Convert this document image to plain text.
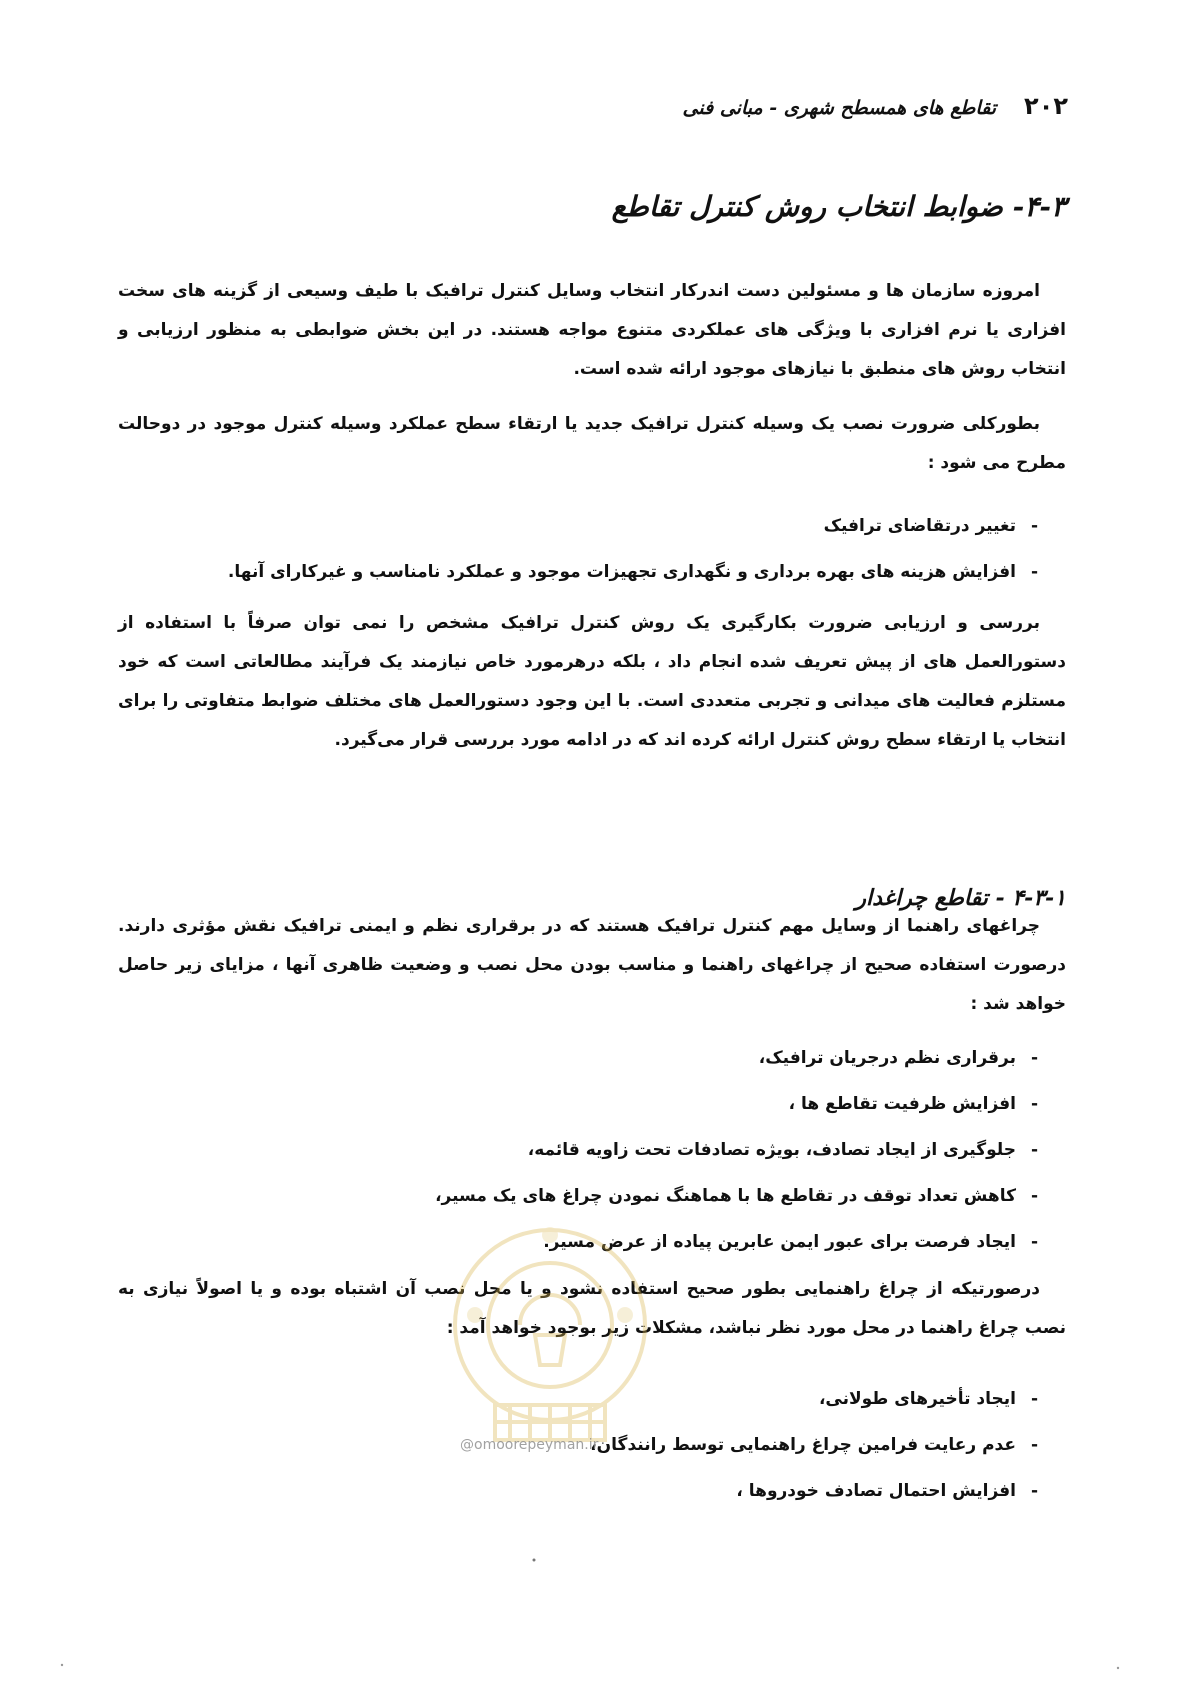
۲۰۲
تقاطع های همسطح شهری - مبانی فنی
۴-۳- ضوابط انتخاب روش کنترل تقاطع

امروزه سازمان ها و مسئولین دست اندرکار انتخاب وسایل کنترل ترافیک با طیف وسیعی از گزینه های سخت افزاری یا نرم افزاری با ویژگی های عملکردی متنوع مواجه هستند. در این بخش ضوابطی به منظور ارزیابی و انتخاب روش های منطبق با نیازهای موجود ارائه شده است.

بطورکلی ضرورت نصب یک وسیله کنترل ترافیک جدید یا ارتقاء سطح عملکرد وسیله کنترل موجود در دوحالت مطرح می شود :

-
تغییر درتقاضای ترافیک
-
افزایش هزینه های بهره برداری و نگهداری تجهیزات موجود و عملکرد نامناسب و غیرکارای آنها.

بررسی و ارزیابی ضرورت بکارگیری یک روش کنترل ترافیک مشخص را نمی توان صرفاً با استفاده از دستورالعمل های از پیش تعریف شده انجام داد ، بلکه درهرمورد خاص نیازمند یک فرآیند مطالعاتی است که خود مستلزم فعالیت های میدانی و تجربی متعددی است. با این وجود دستورالعمل های مختلف ضوابط متفاوتی را برای انتخاب یا ارتقاء سطح روش کنترل ارائه کرده اند که در ادامه مورد بررسی قرار می‌گیرد.

۴-۳-۱ - تقاطع چراغدار

چراغهای راهنما از وسایل مهم کنترل ترافیک هستند که در برقراری نظم و ایمنی ترافیک نقش مؤثری دارند. درصورت استفاده صحیح از چراغهای راهنما و مناسب بودن محل نصب و وضعیت ظاهری آنها ، مزایای زیر حاصل خواهد شد :

-
برقراری نظم درجریان ترافیک،
-
افزایش ظرفیت تقاطع ها ،
-
جلوگیری از ایجاد تصادف، بویژه تصادفات تحت زاویه قائمه،
-
کاهش تعداد توقف در تقاطع ها با هماهنگ نمودن چراغ های یک مسیر،
-
ایجاد فرصت برای عبور ایمن عابرین پیاده از عرض مسیر.

درصورتیکه از چراغ راهنمایی بطور صحیح استفاده نشود و یا محل نصب آن اشتباه بوده و یا اصولاً نیازی به نصب چراغ راهنما در محل مورد نظر نباشد، مشکلات زیر بوجود خواهد آمد :

-
ایجاد تأخیرهای طولانی،
-
عدم رعایت فرامین چراغ راهنمایی توسط رانندگان،
-
افزایش احتمال تصادف خودروها ،
@omoorepeyman.ir
